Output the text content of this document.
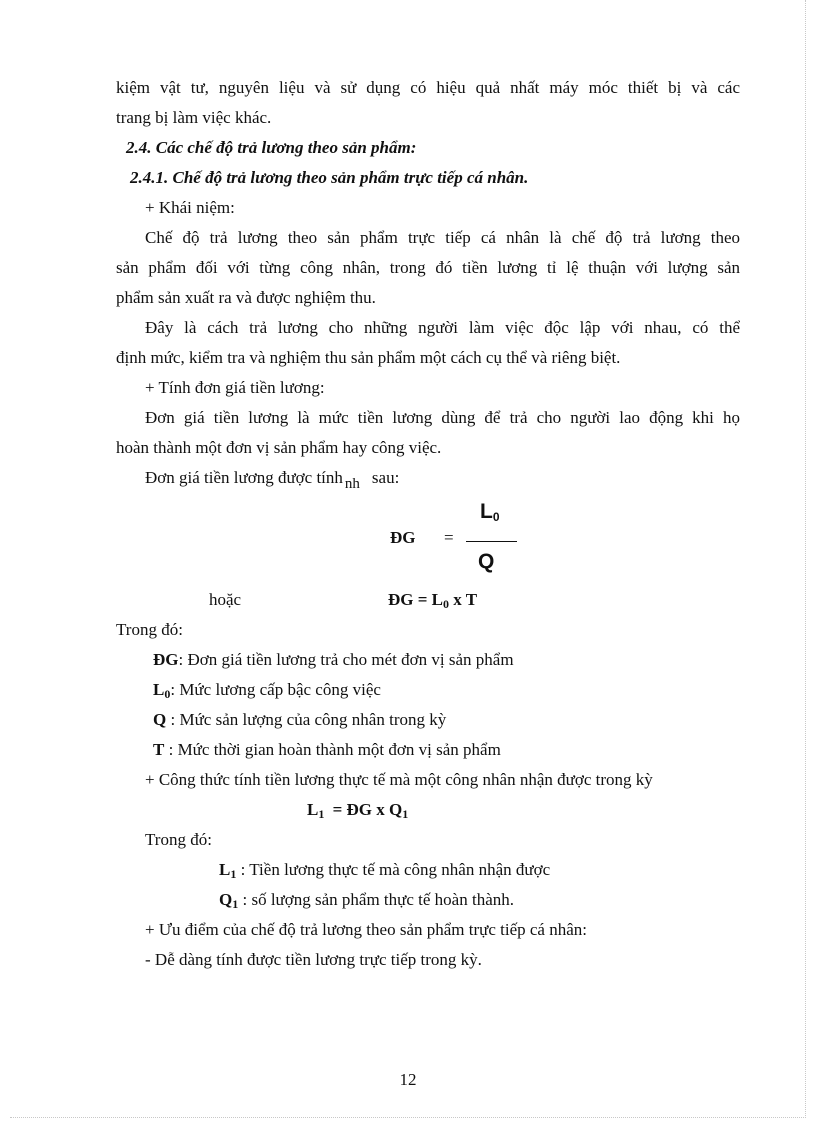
kiệm vật tư, nguyên liệu và sử dụng có hiệu quả nhất máy móc thiết bị và các
trang bị làm việc khác.
2.4. Các chế độ trả lương theo sản phẩm:
2.4.1. Chế độ trả lương theo sản phẩm trực tiếp cá nhân.
+ Khái niệm:
Chế độ trả lương theo sản phẩm trực tiếp cá nhân là chế độ trả lương theo
sản phẩm đối với từng công nhân, trong đó tiền lương tỉ lệ thuận với lượng sản
phẩm sản xuất ra và được nghiệm thu.
Đây là cách trả lương cho những người làm việc độc lập với nhau, có thể
định mức, kiểm tra và nghiệm thu sản phẩm một cách cụ thể và riêng biệt.
+ Tính đơn giá tiền lương:
Đơn giá tiền lương là mức tiền lương dùng để trả cho người lao động khi họ
hoàn thành một đơn vị sản phẩm hay công việc.
Đơn giá tiền lương được tính nh sau:
$L_0$
ĐG =
Q
hoặc	ĐG = $L_0$ x T
Trong đó:
ĐG: Đơn giá tiền lương trả cho mét đơn vị sản phẩm
$L_0$: Mức lương cấp bậc công việc
Q : Mức sản lượng của công nhân trong kỳ
T : Mức thời gian hoàn thành một đơn vị sản phẩm
+ Công thức tính tiền lương thực tế mà một công nhân nhận được trong kỳ
$L_1$ = ĐG x $Q_1$
Trong đó:
$L_1$ : Tiền lương thực tế mà công nhân nhận được
$Q_1$ : số lượng sản phẩm thực tế hoàn thành.
+ Ưu điểm của chế độ trả lương theo sản phẩm trực tiếp cá nhân:
- Dễ dàng tính được tiền lương trực tiếp trong kỳ.
12
